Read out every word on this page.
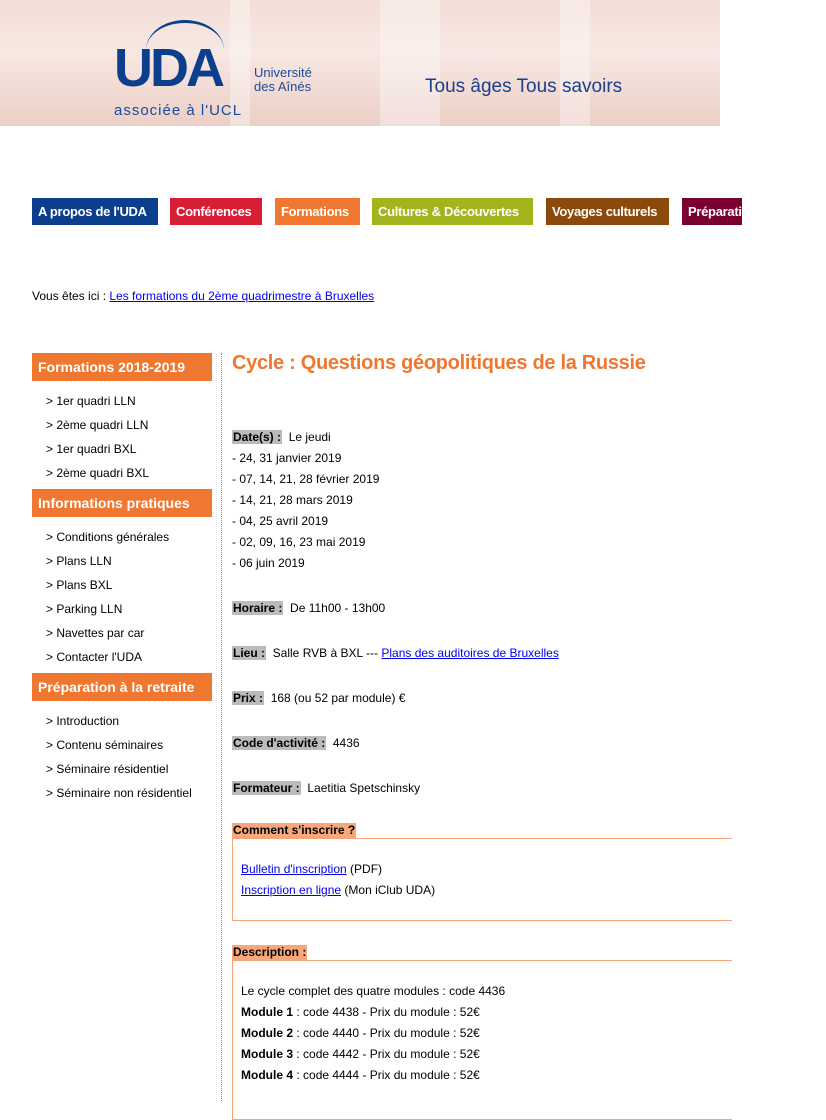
UDA Université
des Aînés
associée à l'UCL
Tous âges Tous savoirs
A propos de l'UDA	Conférences	Formations	Cultures & Découvertes	Voyages culturels	Préparation à la retraite
Vous êtes ici : Les formations du 2ème quadrimestre à Bruxelles
Formations 2018-2019
> 1er quadri LLN
> 2ème quadri LLN
> 1er quadri BXL
> 2ème quadri BXL
Informations pratiques
> Conditions générales
> Plans LLN
> Plans BXL
> Parking LLN
> Navettes par car
> Contacter l'UDA
Préparation à la retraite
> Introduction
> Contenu séminaires
> Séminaire résidentiel
> Séminaire non résidentiel
Cycle : Questions géopolitiques de la Russie
Date(s) : Le jeudi
- 24, 31 janvier 2019
- 07, 14, 21, 28 février 2019
- 14, 21, 28 mars 2019
- 04, 25 avril 2019
- 02, 09, 16, 23 mai 2019
- 06 juin 2019
Horaire : De 11h00 - 13h00
Lieu : Salle RVB à BXL --- Plans des auditoires de Bruxelles
Prix : 168 (ou 52 par module) €
Code d'activité : 4436
Formateur : Laetitia Spetschinsky
Comment s'inscrire ?
Bulletin d'inscription (PDF)
Inscription en ligne (Mon iClub UDA)
Description :
Le cycle complet des quatre modules : code 4436
Module 1 : code 4438 - Prix du module : 52€
Module 2 : code 4440 - Prix du module : 52€
Module 3 : code 4442 - Prix du module : 52€
Module 4 : code 4444 - Prix du module : 52€
